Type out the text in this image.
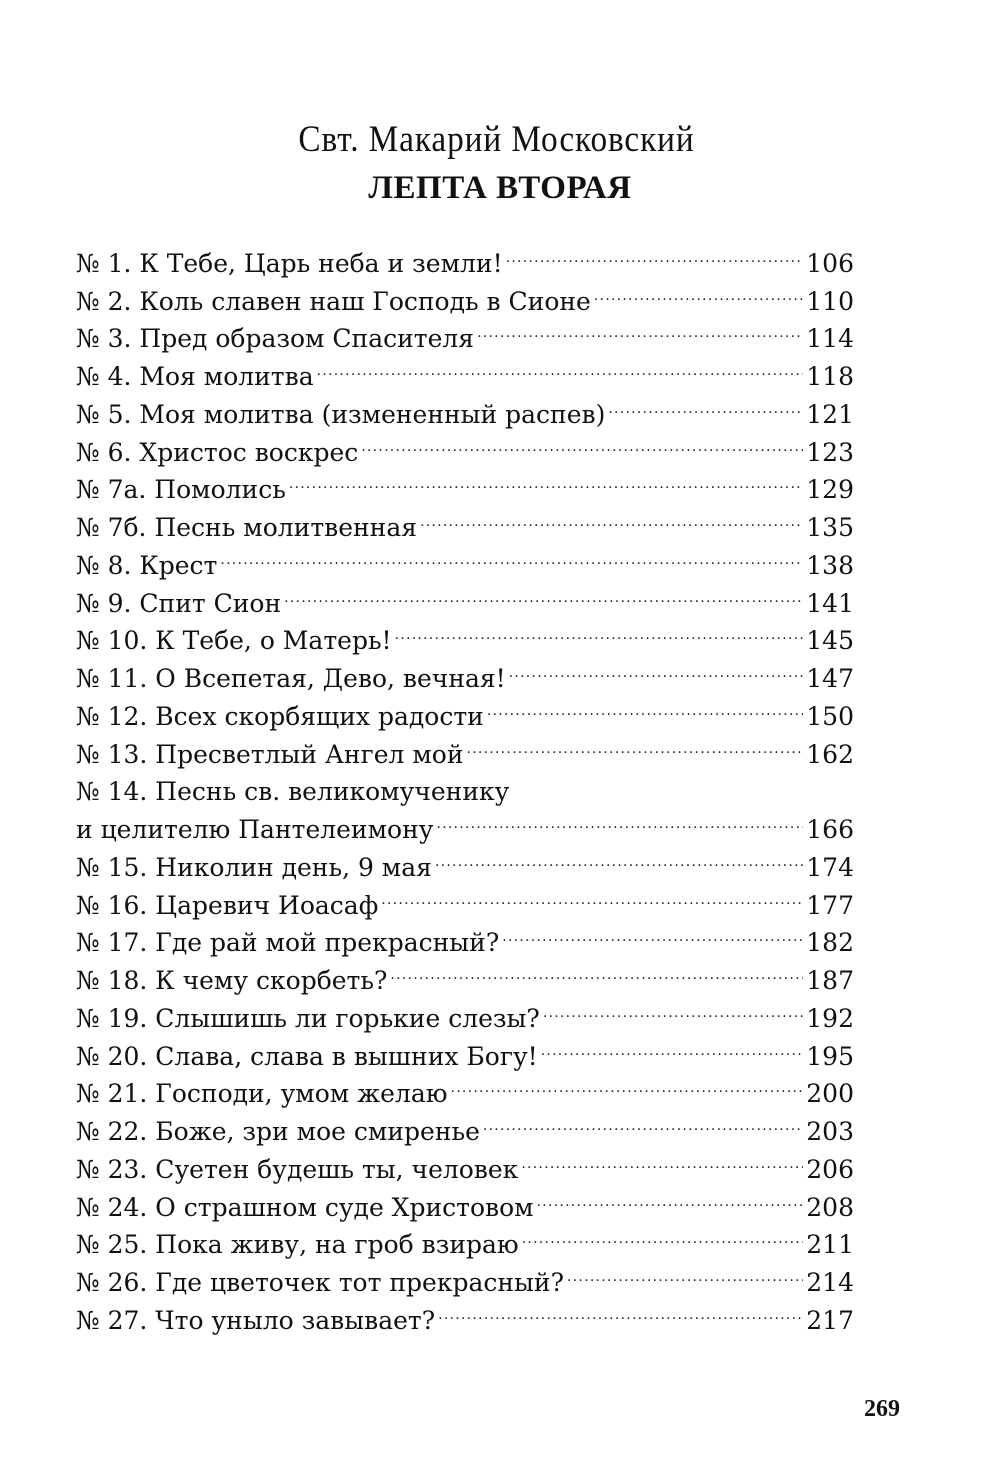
Свт. Макарий Московский
ЛЕПТА ВТОРАЯ
№ 1. К Тебе, Царь неба и земли! . . .	106
№ 2. Коль славен наш Господь в Сионе . . .	110
№ 3. Пред образом Спасителя . . .	114
№ 4. Моя молитва . . .	118
№ 5. Моя молитва (измененный распев) . . .	121
№ 6. Христос воскрес . . .	123
№ 7а. Помолись . . .	129
№ 7б. Песнь молитвенная . . .	135
№ 8. Крест . . .	138
№ 9. Спит Сион . . .	141
№ 10. К Тебе, о Матерь! . . .	145
№ 11. О Всепетая, Дево, вечная! . . .	147
№ 12. Всех скорбящих радости . . .	150
№ 13. Пресветлый Ангел мой . . .	162
№ 14. Песнь св. великомученику
и целителю Пантелеимону . . .	166
№ 15. Николин день, 9 мая . . .	174
№ 16. Царевич Иоасаф . . .	177
№ 17. Где рай мой прекрасный? . . .	182
№ 18. К чему скорбеть? . . .	187
№ 19. Слышишь ли горькие слезы? . . .	192
№ 20. Слава, слава в вышних Богу! . . .	195
№ 21. Господи, умом желаю . . .	200
№ 22. Боже, зри мое смиренье . . .	203
№ 23. Суетен будешь ты, человек . . .	206
№ 24. О страшном суде Христовом . . .	208
№ 25. Пока живу, на гроб взираю . . .	211
№ 26. Где цветочек тот прекрасный? . . .	214
№ 27. Что уныло завывает? . . .	217
269
